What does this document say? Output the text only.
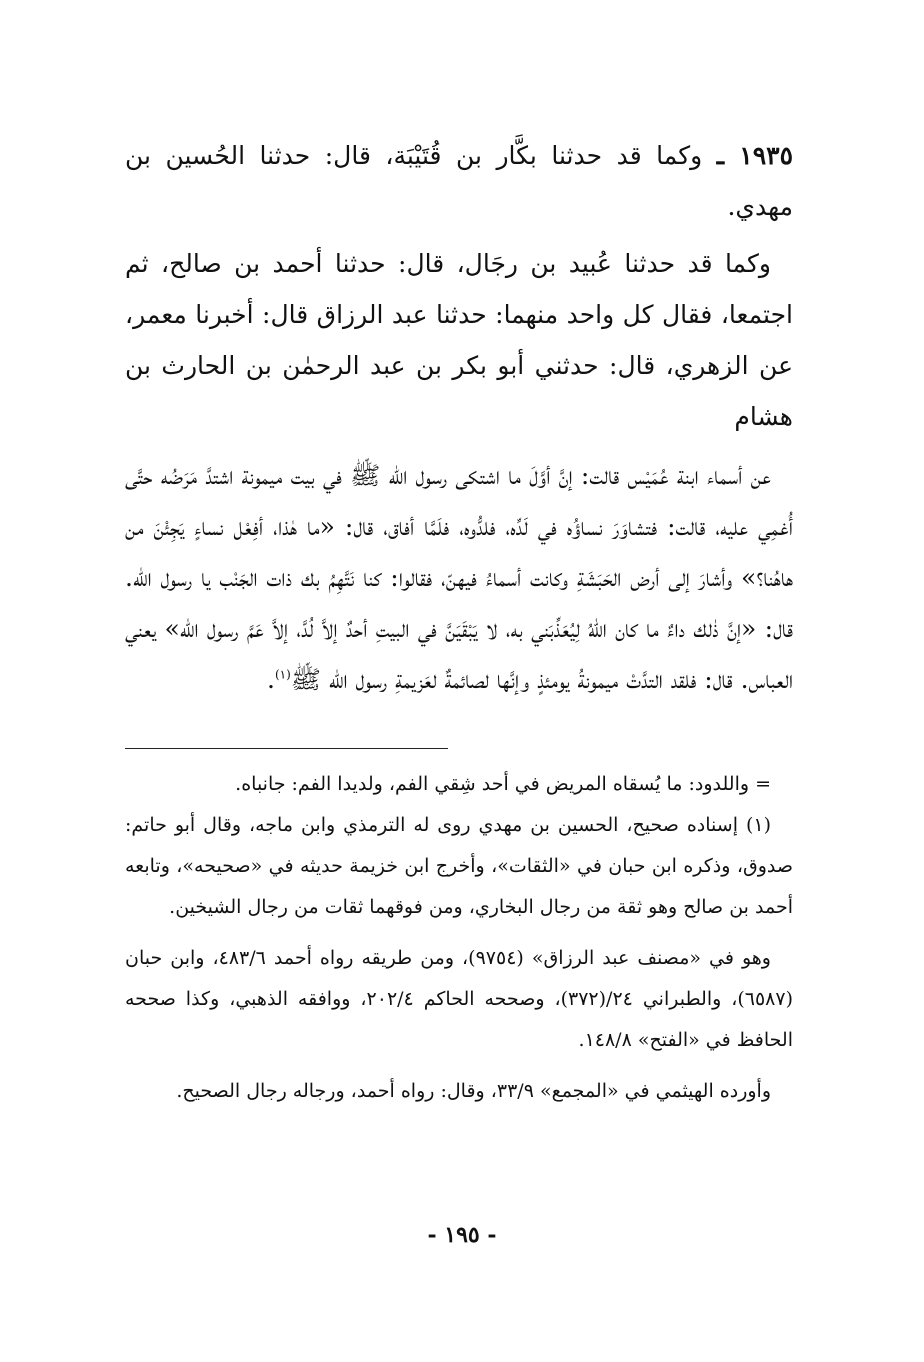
١٩٣٥ ـ وكما قد حدثنا بكَّار بن قُتَيْبَة، قال: حدثنا الحُسين بن مهدي.

وكما قد حدثنا عُبيد بن رجَال، قال: حدثنا أحمد بن صالح، ثم اجتمعا، فقال كل واحد منهما: حدثنا عبد الرزاق قال: أخبرنا معمر، عن الزهري، قال: حدثني أبو بكر بن عبد الرحمٰن بن الحارث بن هشام

عن أسماء ابنة عُمَيْس قالت: إنَّ أوَّلَ ما اشتكى رسول الله ﷺ في بيت ميمونة اشتدَّ مَرَضُه حتَّى أُغمِي عليه، قالت: فتشاوَرَ نساؤُه في لَدِّه، فلدُّوه، فلَمَّا أفاق، قال: «ما هٰذا، أفِعْل نساءٍ يَجِئْنَ من هاهُنا؟» وأشارَ إلى أرض الحَبَشَةِ وكانت أسماءُ فيهنّ، فقالوا: كنا نَتَّهِمُ بك ذات الجَنْب يا رسول الله. قال: «إنَّ ذٰلك داءٌ ما كان اللهُ لِيُعَذِّبَني به، لا يَبْقَيَنَّ في البيتِ أحدٌ إلاَّ لُدَّ، إلاَّ عَمَّ رسول الله» يعني العباس. قال: فلقد التدَّتْ ميمونةُ يومئذٍ وإنَّها لصائمةٌ لعَزيمةِ رسول الله ﷺ$^{(١)}$.

= واللدود: ما يُسقاه المريض في أحد شِقي الفم، ولديدا الفم: جانباه.

(١) إسناده صحيح، الحسين بن مهدي روى له الترمذي وابن ماجه، وقال أبو حاتم: صدوق، وذكره ابن حبان في «الثقات»، وأخرج ابن خزيمة حديثه في «صحيحه»، وتابعه أحمد بن صالح وهو ثقة من رجال البخاري، ومن فوقهما ثقات من رجال الشيخين.

وهو في «مصنف عبد الرزاق» (٩٧٥٤)، ومن طريقه رواه أحمد ٤٨٣/٦، وابن حبان (٦٥٨٧)، والطبراني ٢٤/(٣٧٢)، وصححه الحاكم ٢٠٢/٤، ووافقه الذهبي، وكذا صححه الحافظ في «الفتح» ١٤٨/٨.

وأورده الهيثمي في «المجمع» ٣٣/٩، وقال: رواه أحمد، ورجاله رجال الصحيح.

- ١٩٥ -
